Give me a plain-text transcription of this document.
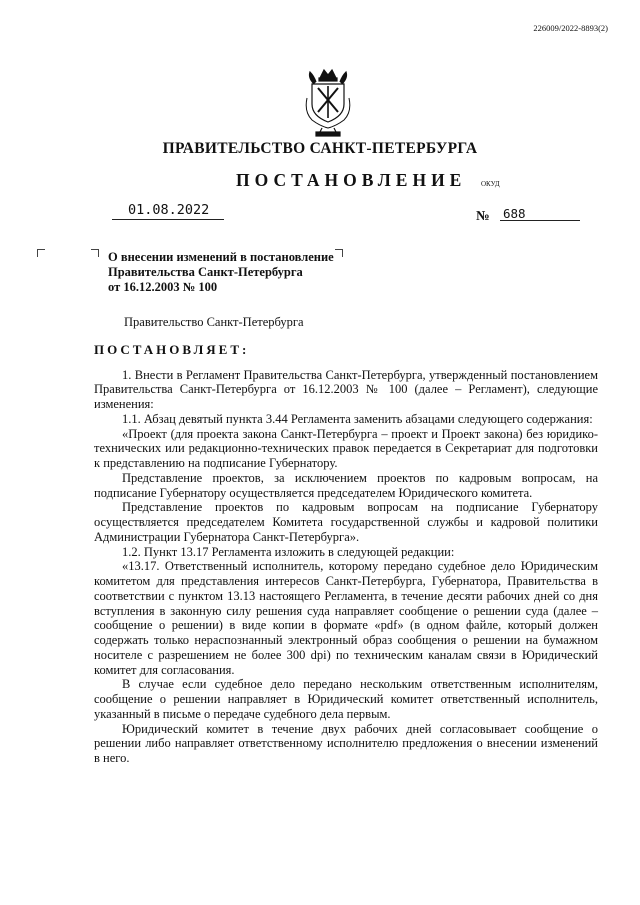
226009/2022-8893(2)
ПРАВИТЕЛЬСТВО САНКТ-ПЕТЕРБУРГА
ПОСТАНОВЛЕНИЕ ОКУД
01.08.2022	№ 688
О внесении изменений в постановление
Правительства Санкт-Петербурга
от 16.12.2003 № 100

Правительство Санкт-Петербурга

ПОСТАНОВЛЯЕТ:

1. Внести в Регламент Правительства Санкт-Петербурга, утвержденный постановлением Правительства Санкт-Петербурга от 16.12.2003 № 100 (далее – Регламент), следующие изменения:

1.1. Абзац девятый пункта 3.44 Регламента заменить абзацами следующего содержания:

«Проект (для проекта закона Санкт-Петербурга – проект и Проект закона) без юридико-технических или редакционно-технических правок передается в Секретариат для подготовки к представлению на подписание Губернатору.

Представление проектов, за исключением проектов по кадровым вопросам, на подписание Губернатору осуществляется председателем Юридического комитета.

Представление проектов по кадровым вопросам на подписание Губернатору осуществляется председателем Комитета государственной службы и кадровой политики Администрации Губернатора Санкт-Петербурга».

1.2. Пункт 13.17 Регламента изложить в следующей редакции:

«13.17. Ответственный исполнитель, которому передано судебное дело Юридическим комитетом для представления интересов Санкт-Петербурга, Губернатора, Правительства в соответствии с пунктом 13.13 настоящего Регламента, в течение десяти рабочих дней со дня вступления в законную силу решения суда направляет сообщение о решении суда (далее – сообщение о решении) в виде копии в формате «pdf» (в одном файле, который должен содержать только нераспознанный электронный образ сообщения о решении на бумажном носителе с разрешением не более 300 dpi) по техническим каналам связи в Юридический комитет для согласования.

В случае если судебное дело передано нескольким ответственным исполнителям, сообщение о решении направляет в Юридический комитет ответственный исполнитель, указанный в письме о передаче судебного дела первым.

Юридический комитет в течение двух рабочих дней согласовывает сообщение о решении либо направляет ответственному исполнителю предложения о внесении изменений в него.
